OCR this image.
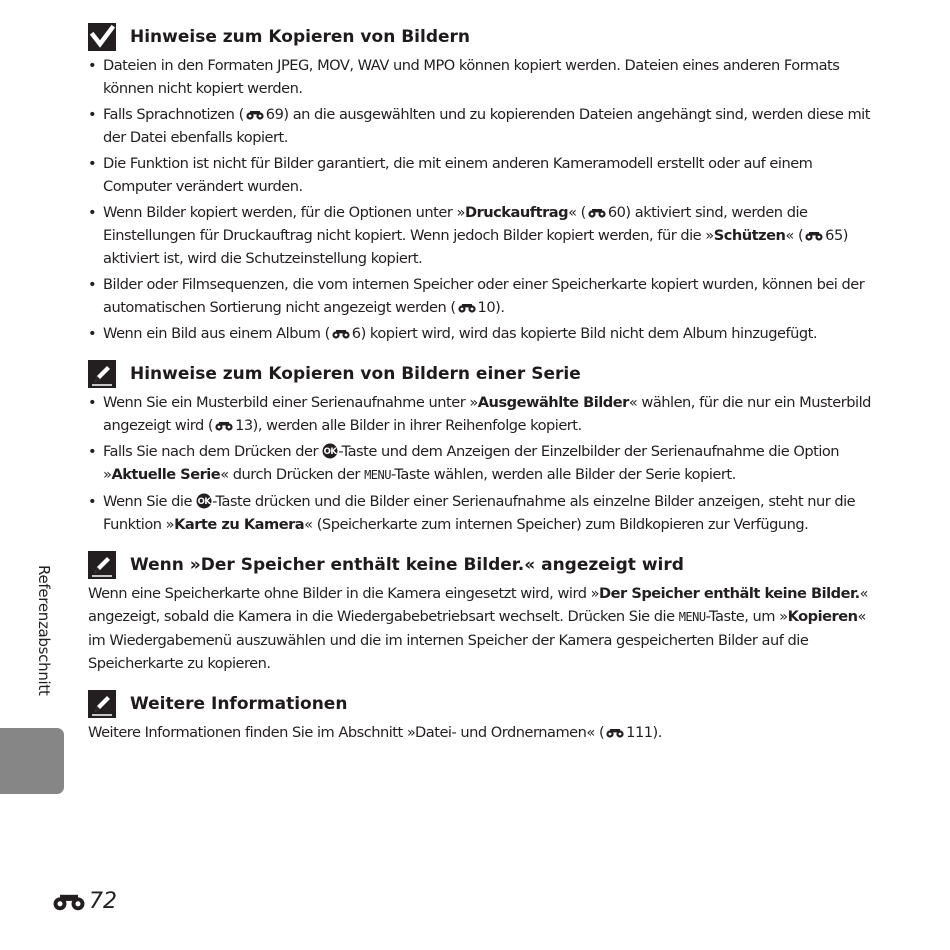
Hinweise zum Kopieren von Bildern
• Dateien in den Formaten JPEG, MOV, WAV und MPO können kopiert werden. Dateien eines anderen Formats können nicht kopiert werden.
• Falls Sprachnotizen ( 69) an die ausgewählten und zu kopierenden Dateien angehängt sind, werden diese mit der Datei ebenfalls kopiert.
• Die Funktion ist nicht für Bilder garantiert, die mit einem anderen Kameramodell erstellt oder auf einem Computer verändert wurden.
• Wenn Bilder kopiert werden, für die Optionen unter »Druckauftrag« ( 60) aktiviert sind, werden die Einstellungen für Druckauftrag nicht kopiert. Wenn jedoch Bilder kopiert werden, für die »Schützen« ( 65) aktiviert ist, wird die Schutzeinstellung kopiert.
• Bilder oder Filmsequenzen, die vom internen Speicher oder einer Speicherkarte kopiert wurden, können bei der automatischen Sortierung nicht angezeigt werden ( 10).
• Wenn ein Bild aus einem Album ( 6) kopiert wird, wird das kopierte Bild nicht dem Album hinzugefügt.
Hinweise zum Kopieren von Bildern einer Serie
• Wenn Sie ein Musterbild einer Serienaufnahme unter »Ausgewählte Bilder« wählen, für die nur ein Musterbild angezeigt wird ( 13), werden alle Bilder in ihrer Reihenfolge kopiert.
• Falls Sie nach dem Drücken der OK -Taste und dem Anzeigen der Einzelbilder der Serienaufnahme die Option »Aktuelle Serie« durch Drücken der MENU-Taste wählen, werden alle Bilder der Serie kopiert.
• Wenn Sie die OK -Taste drücken und die Bilder einer Serienaufnahme als einzelne Bilder anzeigen, steht nur die Funktion »Karte zu Kamera« (Speicherkarte zum internen Speicher) zum Bildkopieren zur Verfügung.
Wenn »Der Speicher enthält keine Bilder.« angezeigt wird

Wenn eine Speicherkarte ohne Bilder in die Kamera eingesetzt wird, wird »Der Speicher enthält keine Bilder.« angezeigt, sobald die Kamera in die Wiedergabebetriebsart wechselt. Drücken Sie die MENU-Taste, um »Kopieren« im Wiedergabemenü auszuwählen und die im internen Speicher der Kamera gespeicherten Bilder auf die Speicherkarte zu kopieren.

Weitere Informationen

Weitere Informationen finden Sie im Abschnitt »Datei- und Ordnernamen« ( 111).

Referenzabschnitt
72
